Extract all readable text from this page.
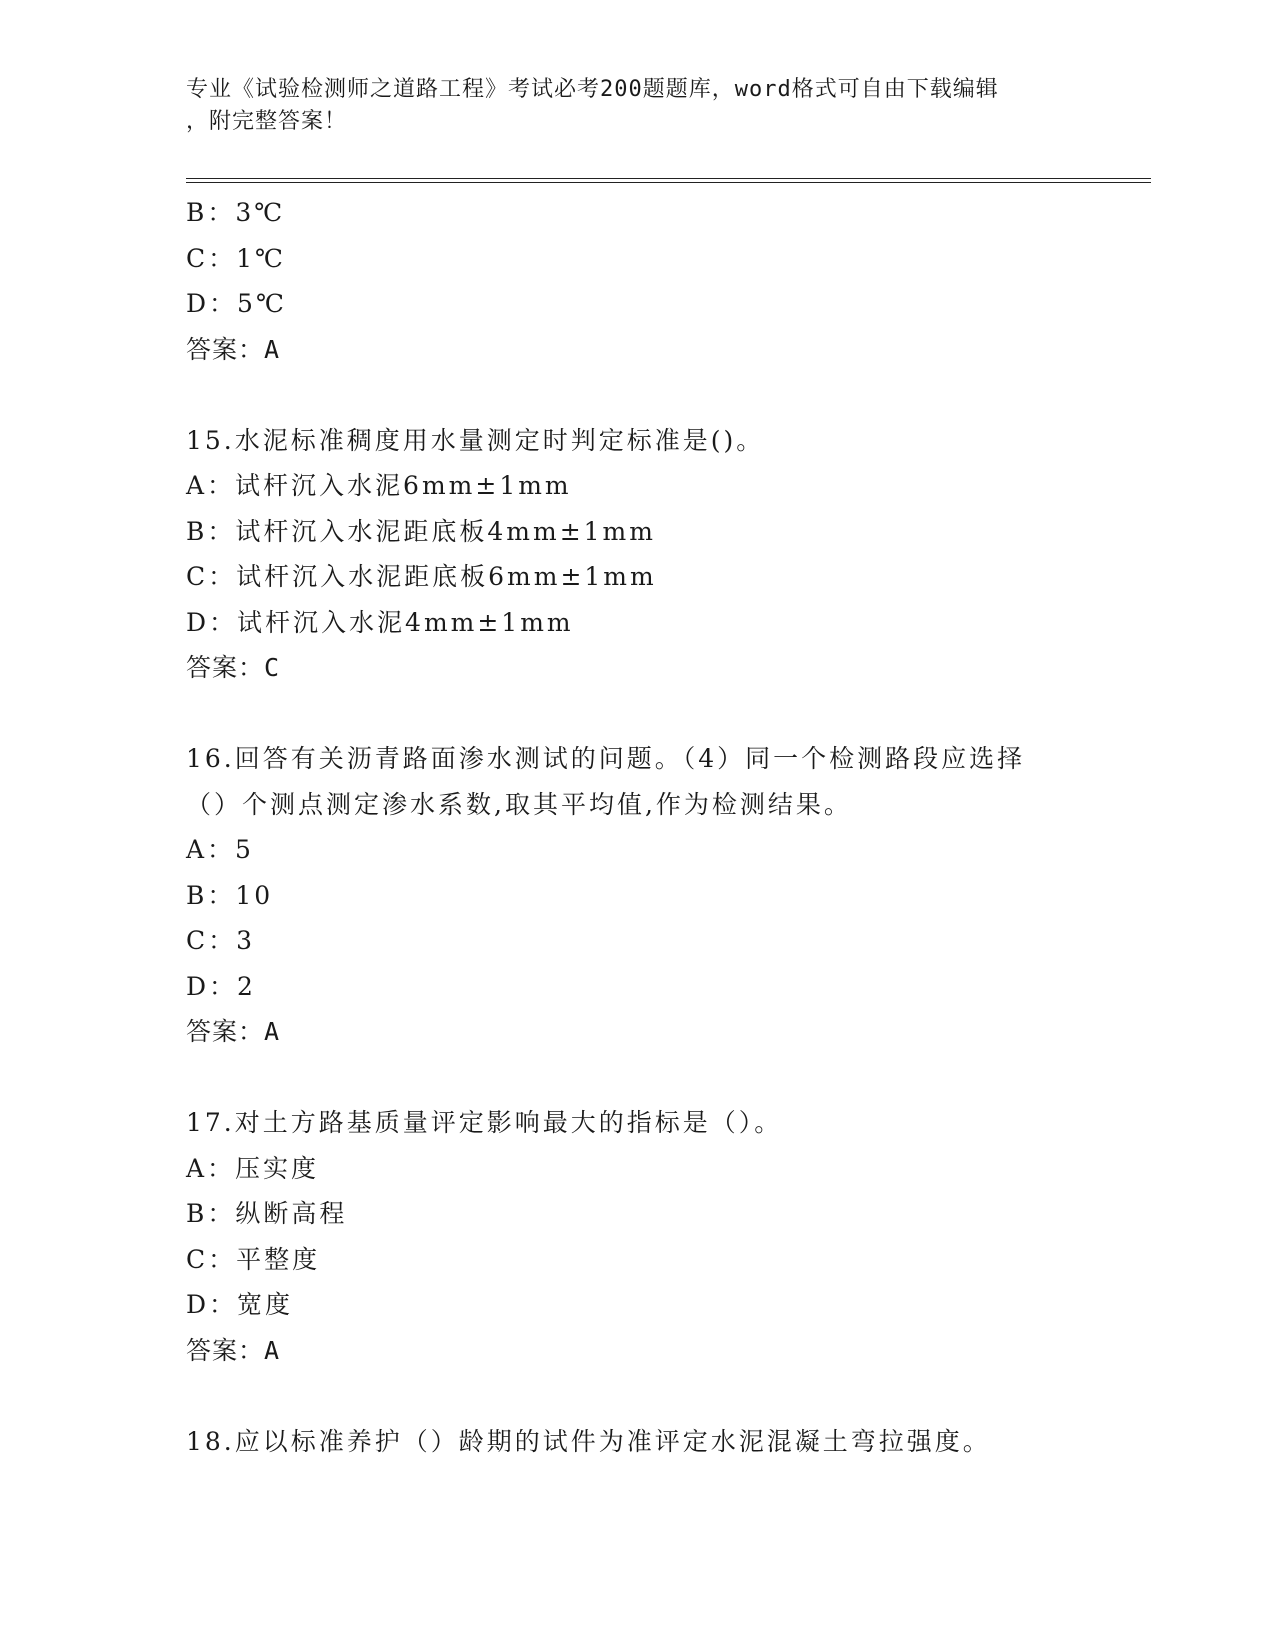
专业《试验检测师之道路工程》考试必考200题题库，word格式可自由下载编辑
，附完整答案！
B：3℃
C：1℃
D：5℃
答案：A
15.水泥标准稠度用水量测定时判定标准是()。
A：试杆沉入水泥6mm±1mm
B：试杆沉入水泥距底板4mm±1mm
C：试杆沉入水泥距底板6mm±1mm
D：试杆沉入水泥4mm±1mm
答案：C
16.回答有关沥青路面渗水测试的问题。（4）同一个检测路段应选择
（）个测点测定渗水系数,取其平均值,作为检测结果。
A：5
B：10
C：3
D：2
答案：A
17.对土方路基质量评定影响最大的指标是（）。
A：压实度
B：纵断高程
C：平整度
D：宽度
答案：A
18.应以标准养护（）龄期的试件为准评定水泥混凝土弯拉强度。
